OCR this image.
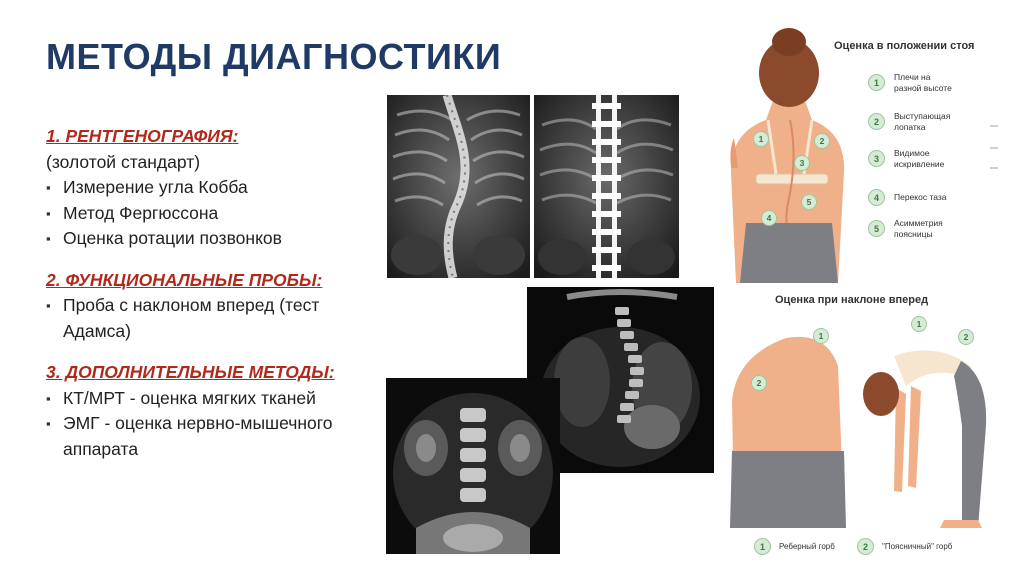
МЕТОДЫ ДИАГНОСТИКИ
1. РЕНТГЕНОГРАФИЯ:
(золотой стандарт)
▪ Измерение угла Кобба
▪ Метод Фергюссона
▪ Оценка ротации позвонков
2. ФУНКЦИОНАЛЬНЫЕ ПРОБЫ:
▪ Проба с наклоном вперед (тест Адамса)
3. ДОПОЛНИТЕЛЬНЫЕ МЕТОДЫ:
▪ КТ/МРТ - оценка мягких тканей
▪ ЭМГ - оценка нервно-мышечного аппарата
Оценка в положении стоя
1	2
3
4
5
1
Плечи на разной высоте
2
Выступающая лопатка
3
Видимое искривление
4	Перекос таза
5
Асимметрия поясницы
Оценка при наклоне вперед
1
2
1
2
1	Реберный горб	2	"Поясничный" горб
